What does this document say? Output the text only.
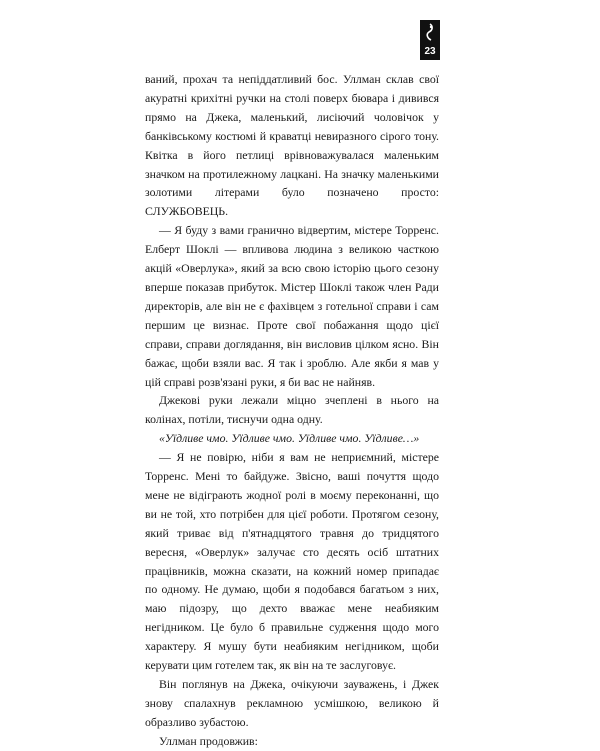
23

ваний, прохач та непіддатливий бос. Уллман склав свої акуратні крихітні ручки на столі поверх бювара і дивився прямо на Джека, маленький, лисіючий чоловічок у банківському костюмі й краватці невиразного сірого тону. Квітка в його петлиці врівноважувалася маленьким значком на протилежному лацкані. На значку маленькими золотими літерами було позначено просто: СЛУЖБОВЕЦЬ.

— Я буду з вами гранично відвертим, містере Торренс. Елберт Шоклі — впливова людина з великою часткою акцій «Оверлука», який за всю свою історію цього сезону вперше показав прибуток. Містер Шоклі також член Ради директорів, але він не є фахівцем з готельної справи і сам першим це визнає. Проте свої побажання щодо цієї справи, справи доглядання, він висловив цілком ясно. Він бажає, щоби взяли вас. Я так і зроблю. Але якби я мав у цій справі розв'язані руки, я би вас не найняв.

Джекові руки лежали міцно зчеплені в нього на колінах, потіли, тиснучи одна одну.

«Уїдливе чмо. Уїдливе чмо. Уїдливе чмо. Уїдливе…»

— Я не повірю, ніби я вам не неприємний, містере Торренс. Мені то байдуже. Звісно, ваші почуття щодо мене не відіграють жодної ролі в моєму переконанні, що ви не той, хто потрібен для цієї роботи. Протягом сезону, який триває від п'ятнадцятого травня до тридцятого вересня, «Оверлук» залучає сто десять осіб штатних працівників, можна сказати, на кожний номер припадає по одному. Не думаю, щоби я подобався багатьом з них, маю підозру, що дехто вважає мене неабияким негідником. Це було б правильне судження щодо мого характеру. Я мушу бути неабияким негідником, щоби керувати цим готелем так, як він на те заслуговує.

Він поглянув на Джека, очікуючи зауважень, і Джек знову спалахнув рекламною усмішкою, великою й образливо зубастою.

Уллман продовжив:
